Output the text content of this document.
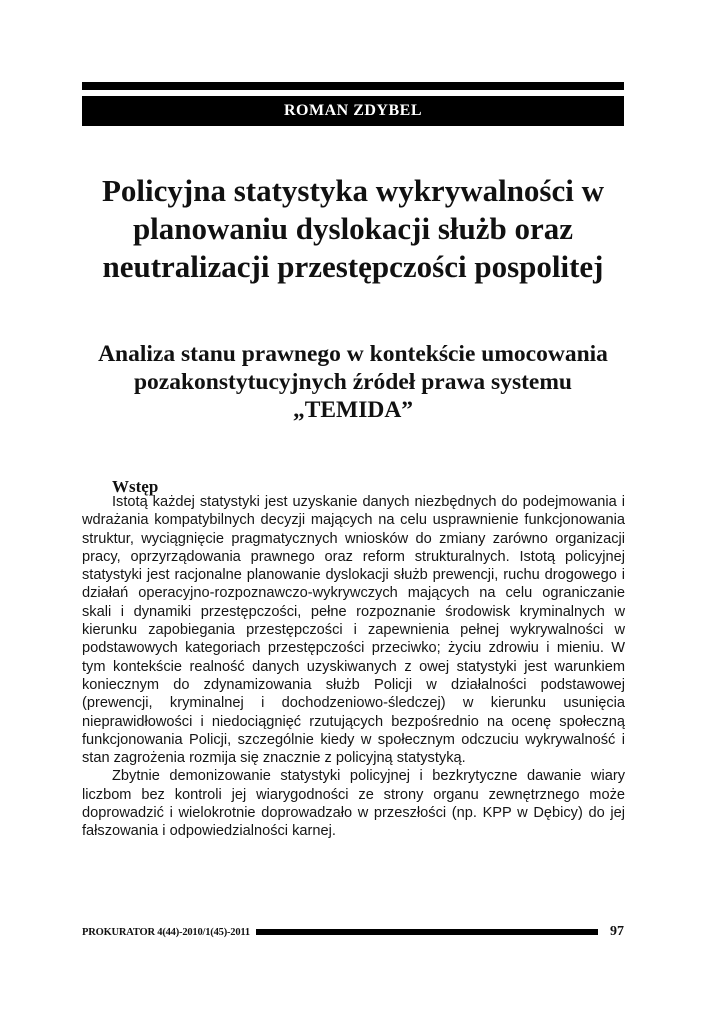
ROMAN ZDYBEL
Policyjna statystyka wykrywalności w planowaniu dyslokacji służb oraz neutralizacji przestępczości pospolitej
Analiza stanu prawnego w kontekście umocowania pozakonstytucyjnych źródeł prawa systemu „TEMIDA”
Wstęp

Istotą każdej statystyki jest uzyskanie danych niezbędnych do podejmowania i wdrażania kompatybilnych decyzji mających na celu usprawnienie funkcjonowania struktur, wyciągnięcie pragmatycznych wniosków do zmiany zarówno organizacji pracy, oprzyrządowania prawnego oraz reform strukturalnych. Istotą policyjnej statystyki jest racjonalne planowanie dyslokacji służb prewencji, ruchu drogowego i działań operacyjno-rozpoznawczo-wykrywczych mających na celu ograniczanie skali i dynamiki przestępczości, pełne rozpoznanie środowisk kryminalnych w kierunku zapobiegania przestępczości i zapewnienia pełnej wykrywalności w podstawowych kategoriach przestępczości przeciwko; życiu zdrowiu i mieniu. W tym kontekście realność danych uzyskiwanych z owej statystyki jest warunkiem koniecznym do zdynamizowania służb Policji w działalności podstawowej (prewencji, kryminalnej i dochodzeniowo-śledczej) w kierunku usunięcia nieprawidłowości i niedociągnięć rzutujących bezpośrednio na ocenę społeczną funkcjonowania Policji, szczególnie kiedy w społecznym odczuciu wykrywalność i stan zagrożenia rozmija się znacznie z policyjną statystyką.

Zbytnie demonizowanie statystyki policyjnej i bezkrytyczne dawanie wiary liczbom bez kontroli jej wiarygodności ze strony organu zewnętrznego może doprowadzić i wielokrotnie doprowadzało w przeszłości (np. KPP w Dębicy) do jej fałszowania i odpowiedzialności karnej.

PROKURATOR 4(44)-2010/1(45)-2011	97
